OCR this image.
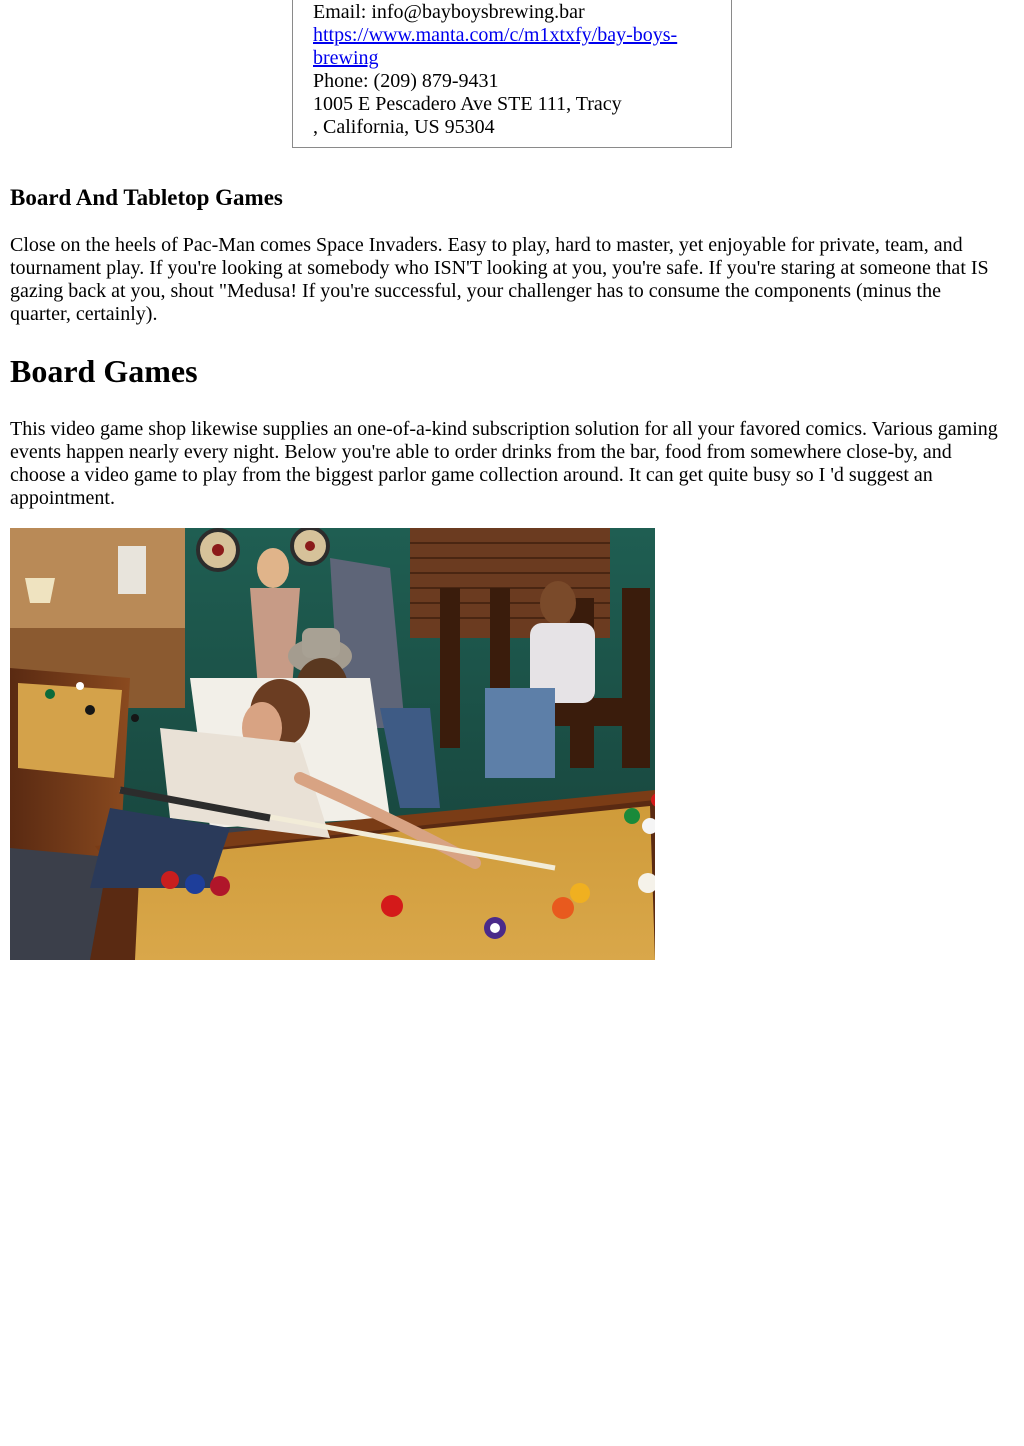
Email: info@bayboysbrewing.bar
https://www.manta.com/c/m1xtxfy/bay-boys-
brewing
Phone: (209) 879-9431
1005 E Pescadero Ave STE 111, Tracy
, California, US 95304
Board And Tabletop Games

Close on the heels of Pac-Man comes Space Invaders. Easy to play, hard to master, yet enjoyable for private, team, and tournament play. If you're looking at somebody who ISN'T looking at you, you're safe. If you're staring at someone that IS gazing back at you, shout "Medusa! If you're successful, your challenger has to consume the components (minus the quarter, certainly).

Board Games

This video game shop likewise supplies an one-of-a-kind subscription solution for all your favored comics. Various gaming events happen nearly every night. Below you're able to order drinks from the bar, food from somewhere close-by, and choose a video game to play from the biggest parlor game collection around. It can get quite busy so I 'd suggest an appointment.
